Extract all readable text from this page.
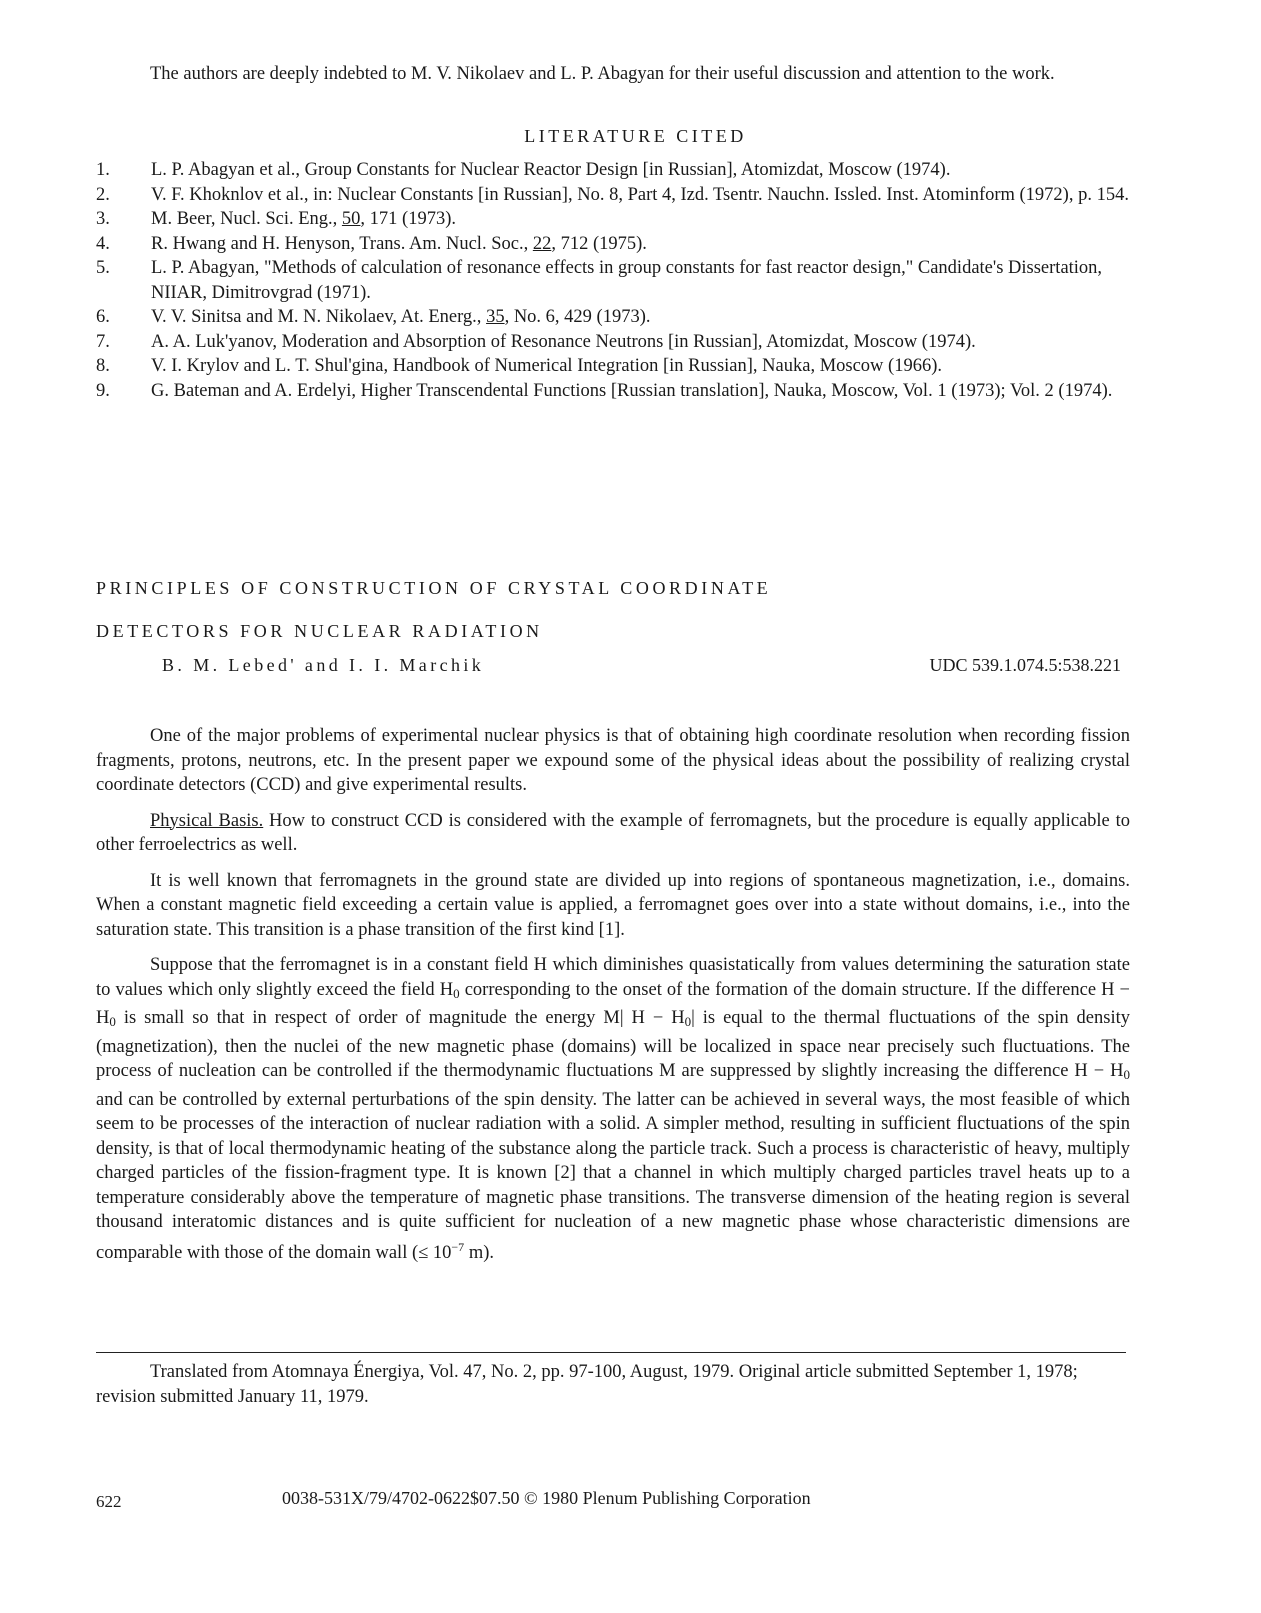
The authors are deeply indebted to M. V. Nikolaev and L. P. Abagyan for their useful discussion and attention to the work.
LITERATURE CITED
1. L. P. Abagyan et al., Group Constants for Nuclear Reactor Design [in Russian], Atomizdat, Moscow (1974).
2. V. F. Khoknlov et al., in: Nuclear Constants [in Russian], No. 8, Part 4, Izd. Tsentr. Nauchn. Issled. Inst. Atominform (1972), p. 154.
3. M. Beer, Nucl. Sci. Eng., 50, 171 (1973).
4. R. Hwang and H. Henyson, Trans. Am. Nucl. Soc., 22, 712 (1975).
5. L. P. Abagyan, "Methods of calculation of resonance effects in group constants for fast reactor design," Candidate's Dissertation, NIIAR, Dimitrovgrad (1971).
6. V. V. Sinitsa and M. N. Nikolaev, At. Energ., 35, No. 6, 429 (1973).
7. A. A. Luk'yanov, Moderation and Absorption of Resonance Neutrons [in Russian], Atomizdat, Moscow (1974).
8. V. I. Krylov and L. T. Shul'gina, Handbook of Numerical Integration [in Russian], Nauka, Moscow (1966).
9. G. Bateman and A. Erdelyi, Higher Transcendental Functions [Russian translation], Nauka, Moscow, Vol. 1 (1973); Vol. 2 (1974).
PRINCIPLES OF CONSTRUCTION OF CRYSTAL COORDINATE
DETECTORS FOR NUCLEAR RADIATION
B. M. Lebed' and I. I. Marchik	UDC 539.1.074.5:538.221

One of the major problems of experimental nuclear physics is that of obtaining high coordinate resolution when recording fission fragments, protons, neutrons, etc. In the present paper we expound some of the physical ideas about the possibility of realizing crystal coordinate detectors (CCD) and give experimental results.

Physical Basis. How to construct CCD is considered with the example of ferromagnets, but the procedure is equally applicable to other ferroelectrics as well.

It is well known that ferromagnets in the ground state are divided up into regions of spontaneous magnetization, i.e., domains. When a constant magnetic field exceeding a certain value is applied, a ferromagnet goes over into a state without domains, i.e., into the saturation state. This transition is a phase transition of the first kind [1].

Suppose that the ferromagnet is in a constant field H which diminishes quasistatically from values determining the saturation state to values which only slightly exceed the field $H_0$ corresponding to the onset of the formation of the domain structure. If the difference $H - H_0$ is small so that in respect of order of magnitude the energy M| $H - H_0|$ is equal to the thermal fluctuations of the spin density (magnetization), then the nuclei of the new magnetic phase (domains) will be localized in space near precisely such fluctuations. The process of nucleation can be controlled if the thermodynamic fluctuations M are suppressed by slightly increasing the difference $H - H_0$ and can be controlled by external perturbations of the spin density. The latter can be achieved in several ways, the most feasible of which seem to be processes of the interaction of nuclear radiation with a solid. A simpler method, resulting in sufficient fluctuations of the spin density, is that of local thermodynamic heating of the substance along the particle track. Such a process is characteristic of heavy, multiply charged particles of the fission-fragment type. It is known [2] that a channel in which multiply charged particles travel heats up to a temperature considerably above the temperature of magnetic phase transitions. The transverse dimension of the heating region is several thousand interatomic distances and is quite sufficient for nucleation of a new magnetic phase whose characteristic dimensions are comparable with those of the domain wall (≤ $10^{-7}$ m).

Translated from Atomnaya Énergiya, Vol. 47, No. 2, pp. 97-100, August, 1979. Original article submitted September 1, 1978; revision submitted January 11, 1979.
622	0038-531X/79/4702-0622$07.50 © 1980 Plenum Publishing Corporation
